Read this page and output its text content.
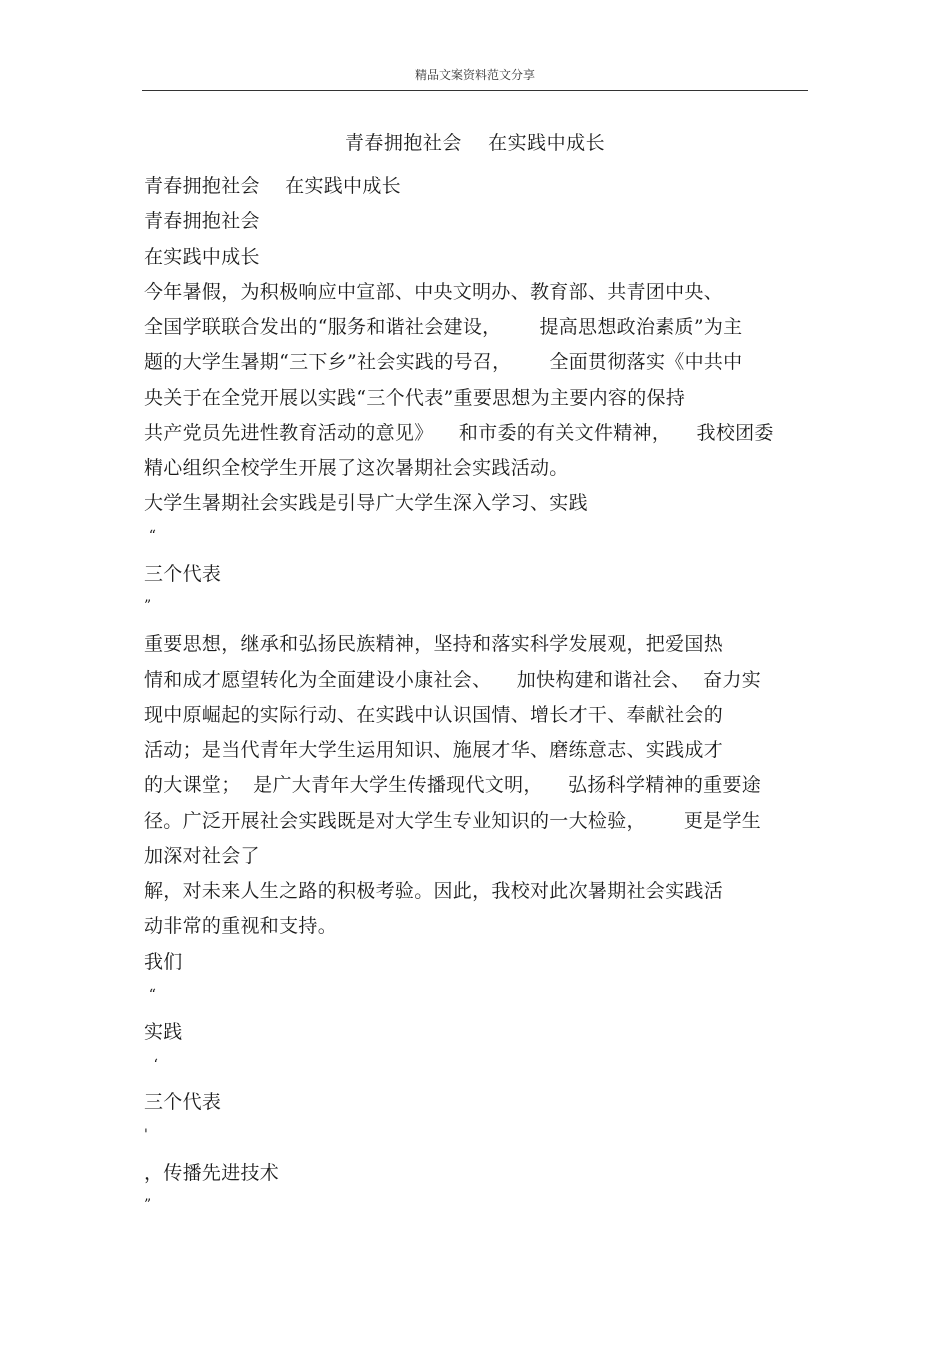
精品文案资料范文分享
青春拥抱社会    在实践中成长
青春拥抱社会    在实践中成长
青春拥抱社会
在实践中成长
今年暑假，为积极响应中宣部、中央文明办、教育部、共青团中央、
全国学联联合发出的“服务和谐社会建设，      提高思想政治素质”为主
题的大学生暑期“三下乡”社会实践的号召，      全面贯彻落实《中共中
央关于在全党开展以实践“三个代表”重要思想为主要内容的保持
共产党员先进性教育活动的意见》    和市委的有关文件精神，    我校团委
精心组织全校学生开展了这次暑期社会实践活动。
大学生暑期社会实践是引导广大学生深入学习、实践
“
三个代表
”
重要思想，继承和弘扬民族精神，坚持和落实科学发展观，把爱国热
情和成才愿望转化为全面建设小康社会、    加快构建和谐社会、  奋力实
现中原崛起的实际行动、在实践中认识国情、增长才干、奉献社会的
活动；是当代青年大学生运用知识、施展才华、磨练意志、实践成才
的大课堂；  是广大青年大学生传播现代文明，    弘扬科学精神的重要途
径。广泛开展社会实践既是对大学生专业知识的一大检验，      更是学生
加深对社会了
解，对未来人生之路的积极考验。因此，我校对此次暑期社会实践活
动非常的重视和支持。
我们
“
实践
‘
三个代表
'
，传播先进技术
”
